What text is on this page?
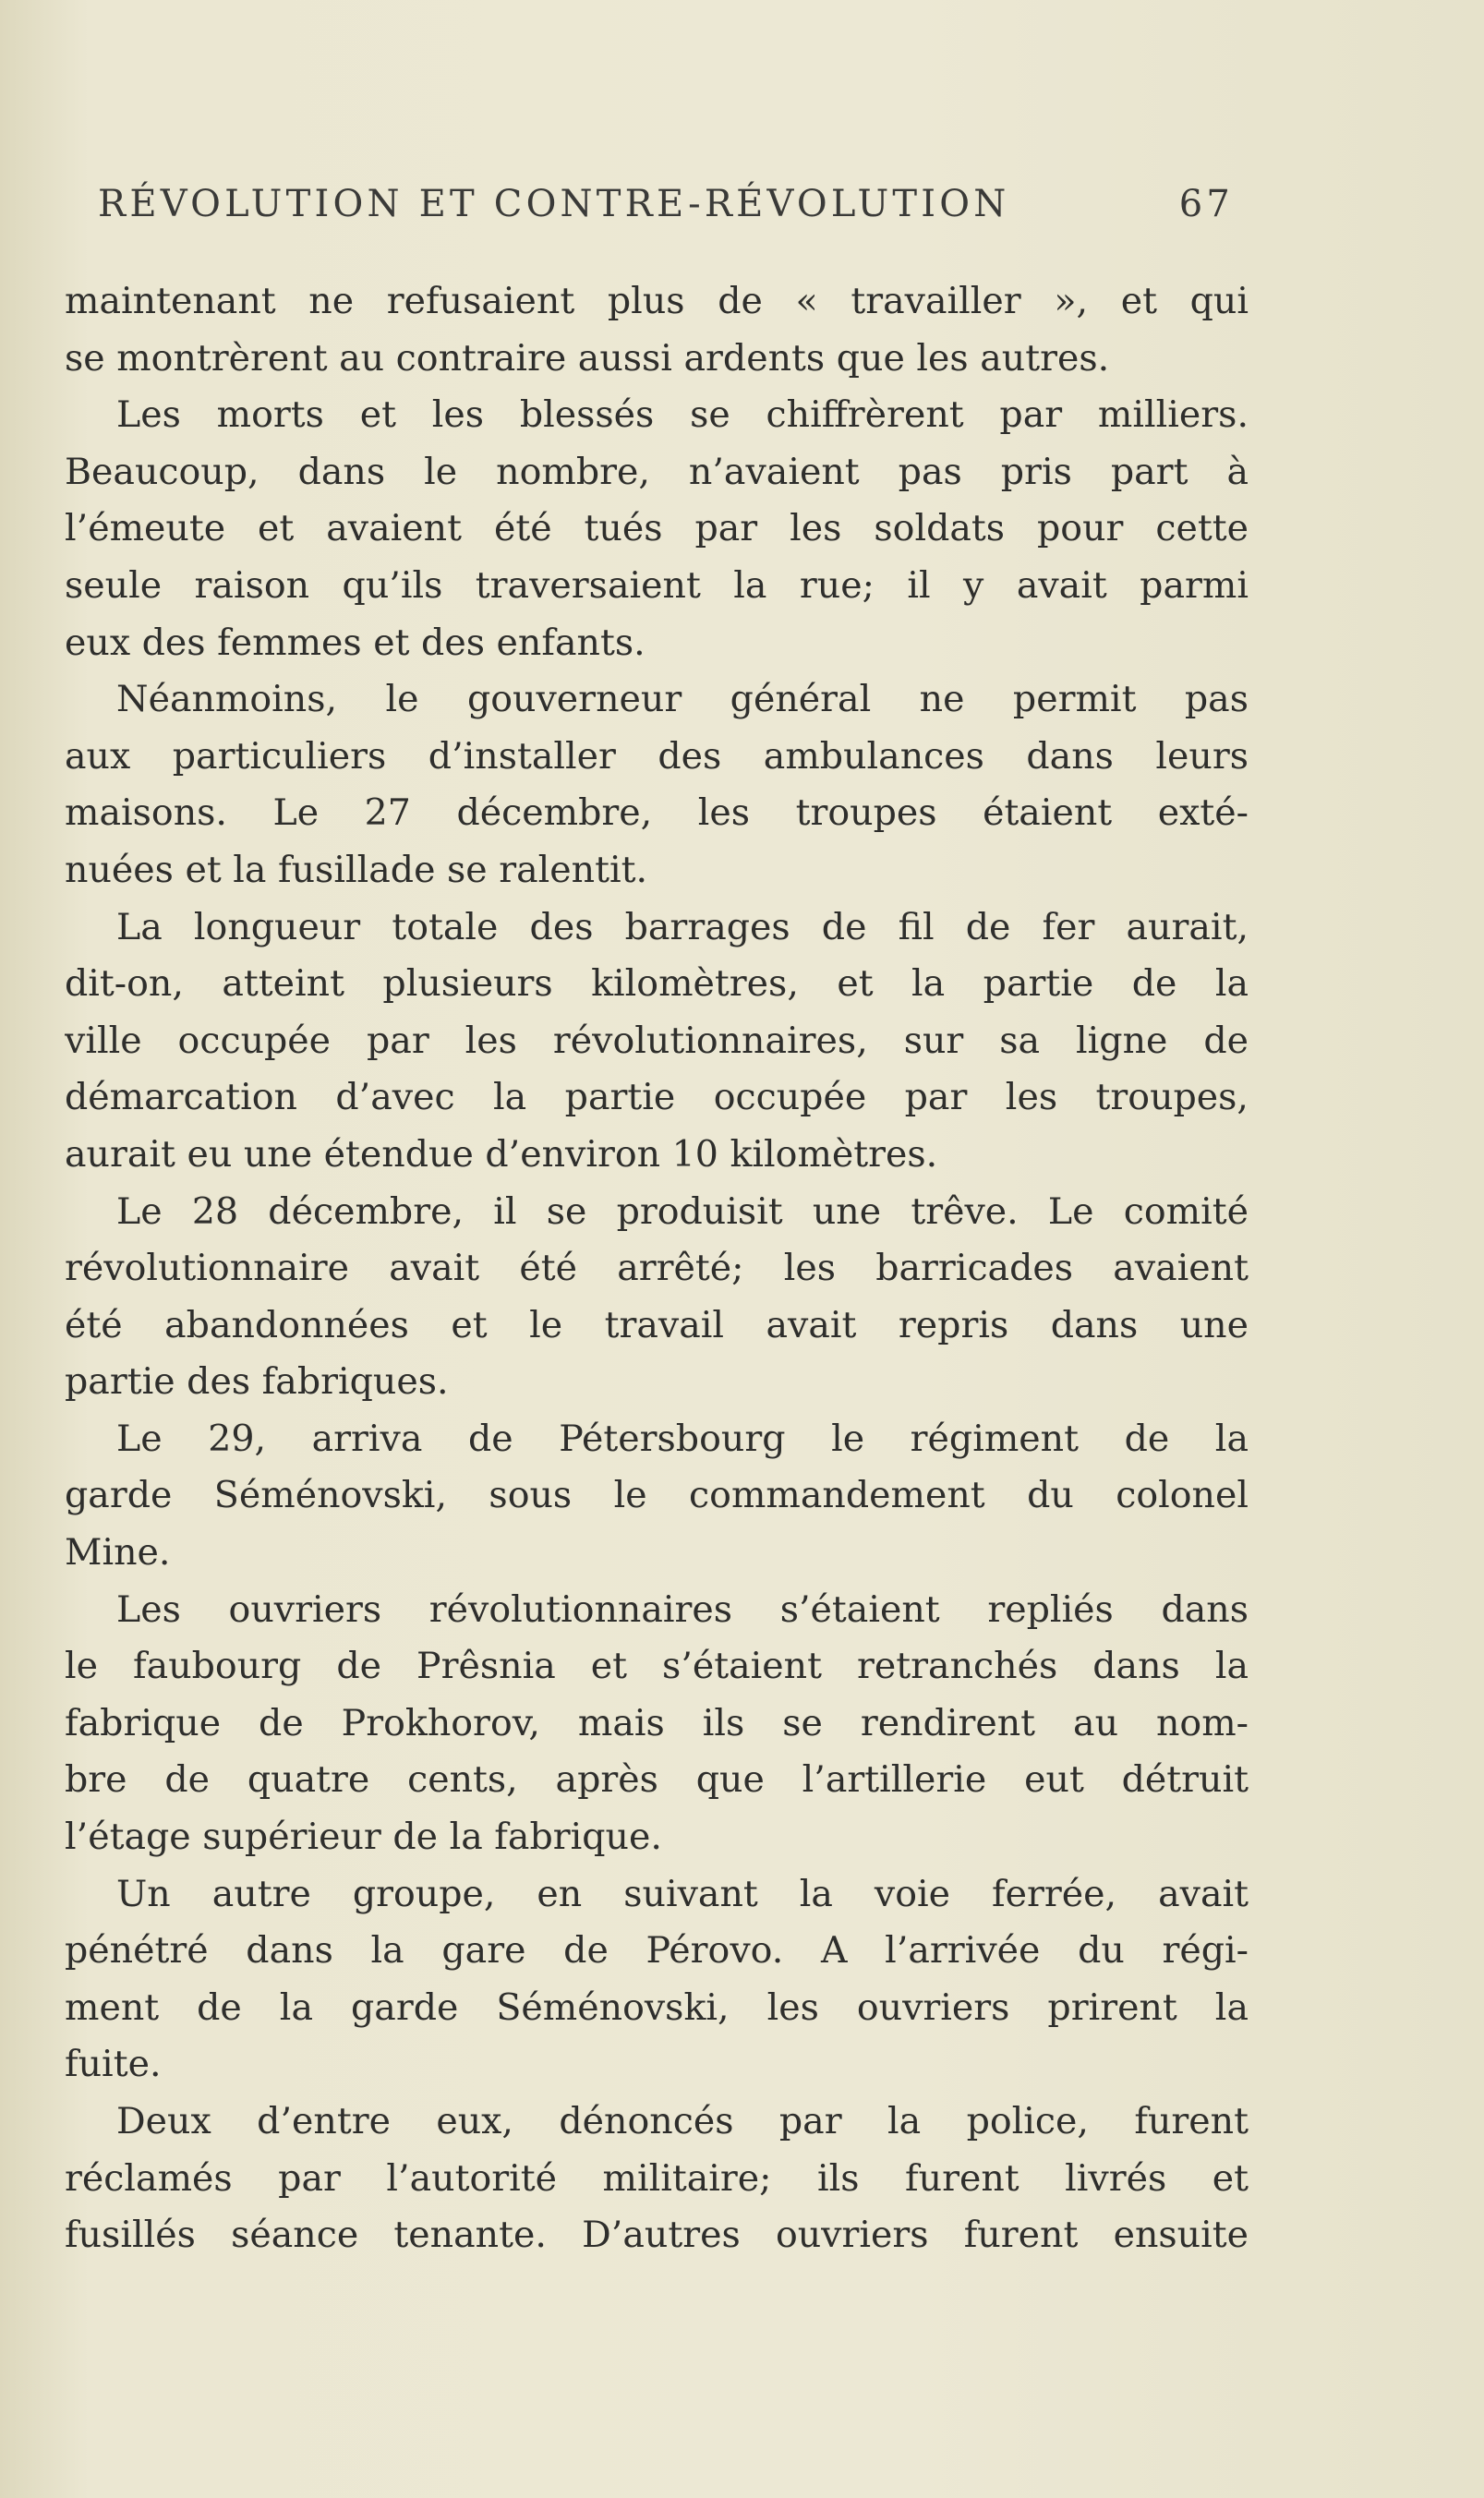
RÉVOLUTION ET CONTRE-RÉVOLUTION	67
maintenant ne refusaient plus de « travailler », et qui
se montrèrent au contraire aussi ardents que les autres.
Les morts et les blessés se chiffrèrent par milliers.
Beaucoup, dans le nombre, n’avaient pas pris part à
l’émeute et avaient été tués par les soldats pour cette
seule raison qu’ils traversaient la rue; il y avait parmi
eux des femmes et des enfants.
Néanmoins, le gouverneur général ne permit pas
aux particuliers d’installer des ambulances dans leurs
maisons. Le 27 décembre, les troupes étaient exté-
nuées et la fusillade se ralentit.
La longueur totale des barrages de fil de fer aurait,
dit-on, atteint plusieurs kilomètres, et la partie de la
ville occupée par les révolutionnaires, sur sa ligne de
démarcation d’avec la partie occupée par les troupes,
aurait eu une étendue d’environ 10 kilomètres.
Le 28 décembre, il se produisit une trêve. Le comité
révolutionnaire avait été arrêté; les barricades avaient
été abandonnées et le travail avait repris dans une
partie des fabriques.
Le 29, arriva de Pétersbourg le régiment de la
garde Séménovski, sous le commandement du colonel
Mine.
Les ouvriers révolutionnaires s’étaient repliés dans
le faubourg de Prêsnia et s’étaient retranchés dans la
fabrique de Prokhorov, mais ils se rendirent au nom-
bre de quatre cents, après que l’artillerie eut détruit
l’étage supérieur de la fabrique.
Un autre groupe, en suivant la voie ferrée, avait
pénétré dans la gare de Pérovo. A l’arrivée du régi-
ment de la garde Séménovski, les ouvriers prirent la
fuite.
Deux d’entre eux, dénoncés par la police, furent
réclamés par l’autorité militaire; ils furent livrés et
fusillés séance tenante. D’autres ouvriers furent ensuite
